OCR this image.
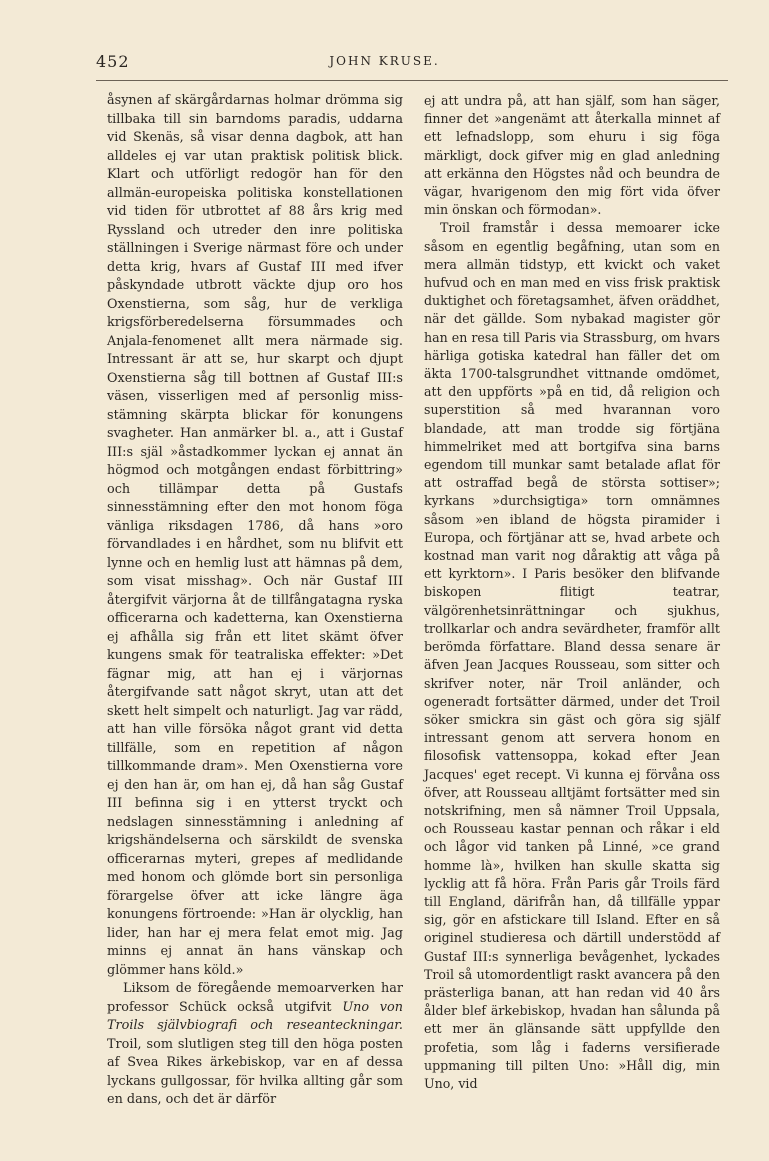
452	JOHN KRUSE.

åsynen af skärgårdarnas holmar drömma sig tillbaka till sin barndoms paradis, uddarna vid Skenäs, så visar denna dagbok, att han alldeles ej var utan praktisk politisk blick. Klart och utförligt redogör han för den allmän-europeiska politiska konstellationen vid tiden för utbrottet af 88 års krig med Ryssland och utreder den inre politiska ställningen i Sverige närmast före och under detta krig, hvars af Gustaf III med ifver påskyndade utbrott väckte djup oro hos Oxenstierna, som såg, hur de verkliga krigsförberedelserna försummades och Anjala-fenomenet allt mera närmade sig. Intressant är att se, hur skarpt och djupt Oxenstierna såg till bottnen af Gustaf III:s väsen, visserligen med af personlig miss-stämning skärpta blickar för konungens svagheter. Han anmärker bl. a., att i Gustaf III:s själ »åstadkommer lyckan ej annat än högmod och motgången endast förbittring» och tillämpar detta på Gustafs sinnesstämning efter den mot honom föga vänliga riksdagen 1786, då hans »oro förvandlades i en hårdhet, som nu blifvit ett lynne och en hemlig lust att hämnas på dem, som visat misshag». Och när Gustaf III återgifvit värjorna åt de tillfångatagna ryska officerarna och kadetterna, kan Oxenstierna ej afhålla sig från ett litet skämt öfver kungens smak för teatraliska effekter: »Det fägnar mig, att han ej i värjornas återgifvande satt något skryt, utan att det skett helt simpelt och naturligt. Jag var rädd, att han ville försöka något grant vid detta tillfälle, som en repetition af någon tillkommande dram». Men Oxenstierna vore ej den han är, om han ej, då han såg Gustaf III befinna sig i en ytterst tryckt och nedslagen sinnesstämning i anledning af krigshändelserna och särskildt de svenska officerarnas myteri, grepes af medlidande med honom och glömde bort sin personliga förargelse öfver att icke längre äga konungens förtroende: »Han är olycklig, han lider, han har ej mera felat emot mig. Jag minns ej annat än hans vänskap och glömmer hans köld.»

Liksom de föregående memoarverken har professor Schück också utgifvit Uno von Troils självbiografi och reseanteckningar. Troil, som slutligen steg till den höga posten af Svea Rikes ärkebiskop, var en af dessa lyckans gullgossar, för hvilka allting går som en dans, och det är därför

ej att undra på, att han själf, som han säger, finner det »angenämt att återkalla minnet af ett lefnadslopp, som ehuru i sig föga märkligt, dock gifver mig en glad anledning att erkänna den Högstes nåd och beundra de vägar, hvarigenom den mig fört vida öfver min önskan och förmodan».

Troil framstår i dessa memoarer icke såsom en egentlig begåfning, utan som en mera allmän tidstyp, ett kvickt och vaket hufvud och en man med en viss frisk praktisk duktighet och företagsamhet, äfven oräddhet, när det gällde. Som nybakad magister gör han en resa till Paris via Strassburg, om hvars härliga gotiska katedral han fäller det om äkta 1700-talsgrundhet vittnande omdömet, att den uppförts »på en tid, då religion och superstition så med hvarannan voro blandade, att man trodde sig förtjäna himmelriket med att bortgifva sina barns egendom till munkar samt betalade aflat för att ostraffad begå de största sottiser»; kyrkans »durchsigtiga» torn omnämnes såsom »en ibland de högsta piramider i Europa, och förtjänar att se, hvad arbete och kostnad man varit nog dåraktig att våga på ett kyrktorn». I Paris besöker den blifvande biskopen flitigt teatrar, välgörenhetsinrättningar och sjukhus, trollkarlar och andra sevärdheter, framför allt berömda författare. Bland dessa senare är äfven Jean Jacques Rousseau, som sitter och skrifver noter, när Troil anländer, och ogeneradt fortsätter därmed, under det Troil söker smickra sin gäst och göra sig själf intressant genom att servera honom en filosofisk vattensoppa, kokad efter Jean Jacques' eget recept. Vi kunna ej förvåna oss öfver, att Rousseau alltjämt fortsätter med sin notskrifning, men så nämner Troil Uppsala, och Rousseau kastar pennan och råkar i eld och lågor vid tanken på Linné, »ce grand homme là», hvilken han skulle skatta sig lycklig att få höra. Från Paris går Troils färd till England, därifrån han, då tillfälle yppar sig, gör en afstickare till Island. Efter en så originel studieresa och därtill understödd af Gustaf III:s synnerliga bevågenhet, lyckades Troil så utomordentligt raskt avancera på den prästerliga banan, att han redan vid 40 års ålder blef ärkebiskop, hvadan han sålunda på ett mer än glänsande sätt uppfyllde den profetia, som låg i faderns versifierade uppmaning till pilten Uno: »Håll dig, min Uno, vid
